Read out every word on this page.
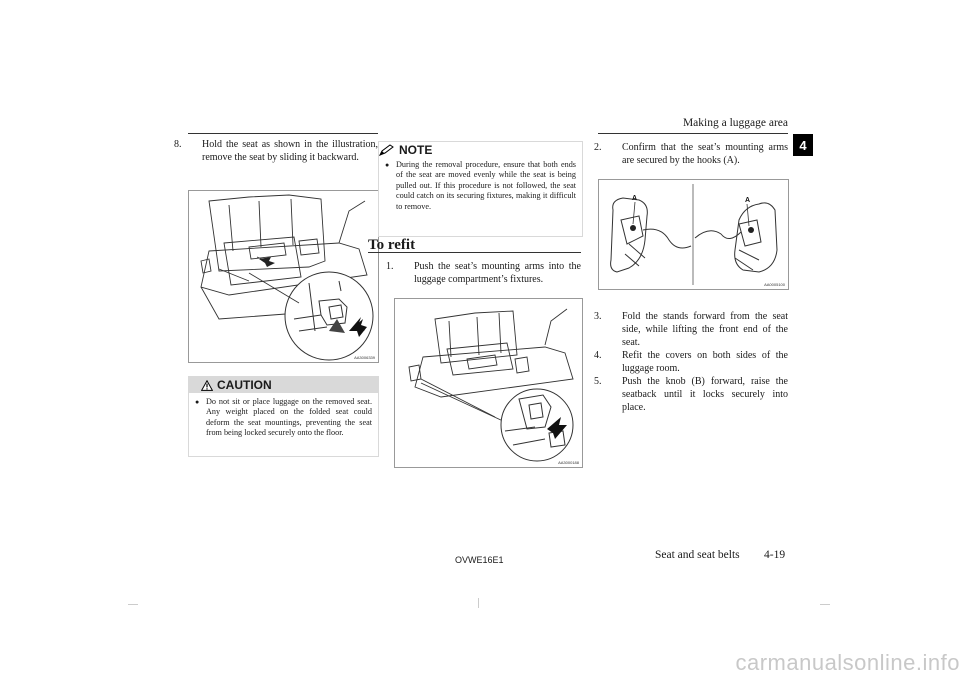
Making a luggage area
4

8. Hold the seat as shown in the illustration, remove the seat by sliding it backward.

AA3006339
CAUTION
● Do not sit or place luggage on the removed seat. Any weight placed on the folded seat could deform the seat mountings, preventing the seat from being locked securely onto the floor.
NOTE
● During the removal procedure, ensure that both ends of the seat are moved evenly while the seat is being pulled out. If this procedure is not followed, the seat could catch on its securing fixtures, making it difficult to remove.
To refit

1. Push the seat’s mounting arms into the luggage compartment’s fixtures.

AA3000188

2. Confirm that the seat’s mounting arms are secured by the hooks (A).

A	A
AA0005100

3. Fold the stands forward from the seat side, while lifting the front end of the seat.

4. Refit the covers on both sides of the luggage room.

5. Push the knob (B) forward, raise the seatback until it locks securely into place.

OVWE16E1	Seat and seat belts 4-19
carmanualsonline.info
